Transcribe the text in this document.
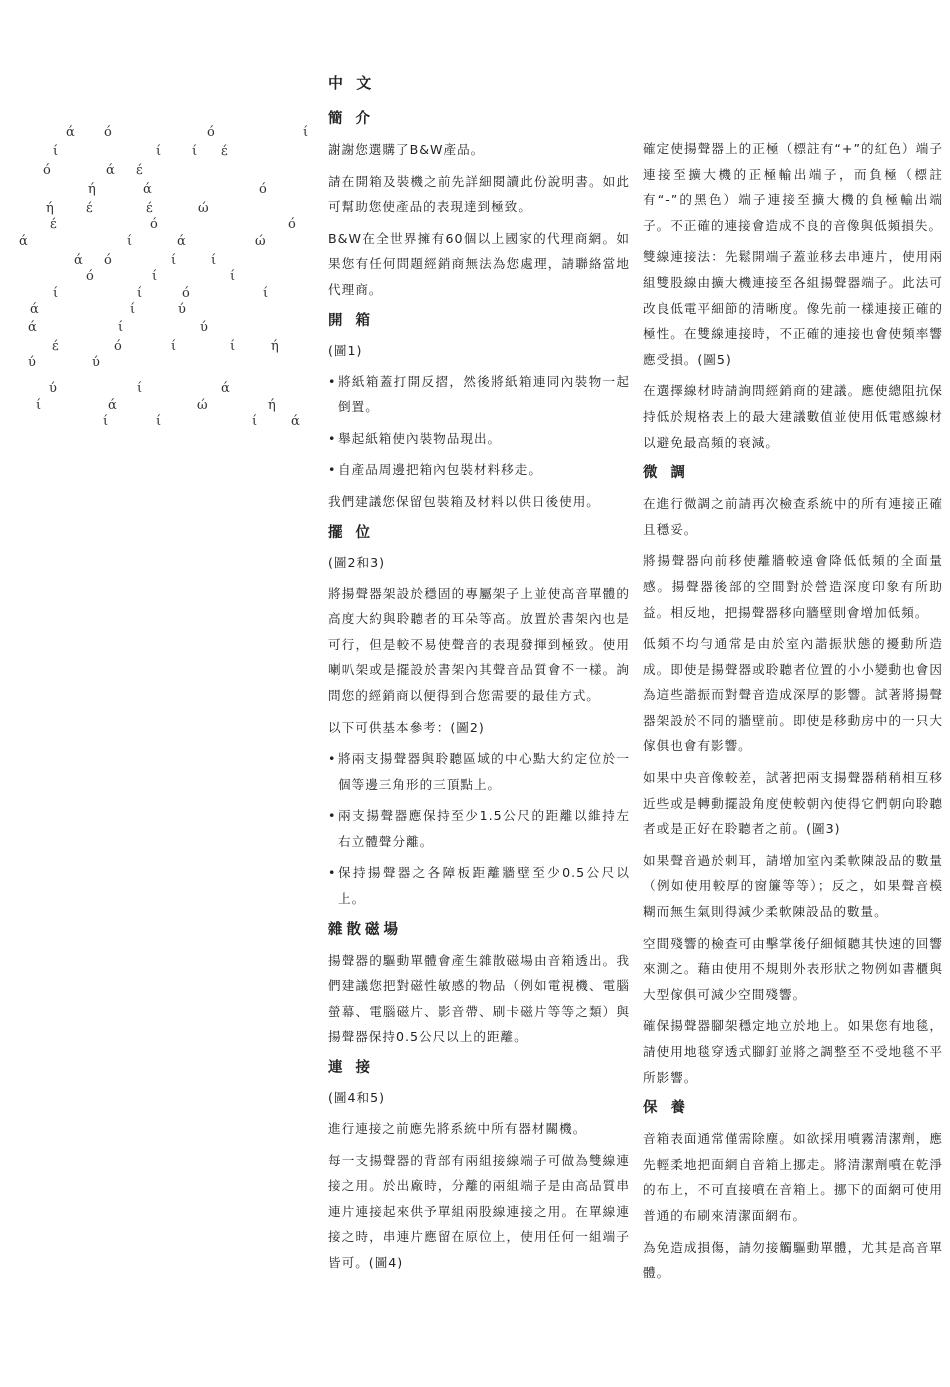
ά ό	ό	ί
ί	ί ί έ
ό	ά έ
ή	ά	ό
ή έ	έ	ώ
έ	ό	ό
ά	ί	ά	ώ
ά ό	ί	ί
ό	ί	ί
ί	ί	ό	ί
ά	ί	ύ
ά	ί	ύ
έ	ό	ί	ί	ή
ύ	ύ
ύ	ί	ά
ί	ά	ώ	ή
ί	ί	ί	ά
中 文
簡 介

謝謝您選購了B&W產品。

請在開箱及裝機之前先詳細閱讀此份說明書。如此可幫助您使產品的表現達到極致。

B&W在全世界擁有60個以上國家的代理商網。如果您有任何問題經銷商無法為您處理，請聯絡當地代理商。

開 箱
(圖1)
• 將紙箱蓋打開反摺，然後將紙箱連同內裝物一起倒置。
• 舉起紙箱使內裝物品現出。
• 自產品周邊把箱內包裝材料移走。

我們建議您保留包裝箱及材料以供日後使用。

擺 位
(圖2和3)

將揚聲器架設於穩固的專屬架子上並使高音單體的高度大約與聆聽者的耳朵等高。放置於書架內也是可行，但是較不易使聲音的表現發揮到極致。使用喇叭架或是擺設於書架內其聲音品質會不一樣。詢問您的經銷商以便得到合您需要的最佳方式。

以下可供基本參考：(圖2)

• 將兩支揚聲器與聆聽區域的中心點大約定位於一個等邊三角形的三頂點上。
• 兩支揚聲器應保持至少1.5公尺的距離以維持左右立體聲分離。
• 保持揚聲器之各障板距離牆壁至少0.5公尺以上。
雜散磁場

揚聲器的驅動單體會產生雜散磁場由音箱透出。我們建議您把對磁性敏感的物品（例如電視機、電腦螢幕、電腦磁片、影音帶、刷卡磁片等等之類）與揚聲器保持0.5公尺以上的距離。

連 接
(圖4和5)

進行連接之前應先將系統中所有器材關機。

每一支揚聲器的背部有兩組接線端子可做為雙線連接之用。於出廠時，分離的兩組端子是由高品質串連片連接起來供予單組兩股線連接之用。在單線連接之時，串連片應留在原位上，使用任何一組端子皆可。(圖4)

確定使揚聲器上的正極（標註有“+”的紅色）端子連接至擴大機的正極輸出端子，而負極（標註有“-”的黑色）端子連接至擴大機的負極輸出端子。不正確的連接會造成不良的音像與低頻損失。

雙線連接法：先鬆開端子蓋並移去串連片，使用兩組雙股線由擴大機連接至各組揚聲器端子。此法可改良低電平細節的清晰度。像先前一樣連接正確的極性。在雙線連接時，不正確的連接也會使頻率響應受損。(圖5)

在選擇線材時請詢問經銷商的建議。應使總阻抗保持低於規格表上的最大建議數值並使用低電感線材以避免最高頻的衰減。

微 調

在進行微調之前請再次檢查系統中的所有連接正確且穩妥。

將揚聲器向前移使離牆較遠會降低低頻的全面量感。揚聲器後部的空間對於營造深度印象有所助益。相反地，把揚聲器移向牆壁則會增加低頻。

低頻不均勻通常是由於室內諧振狀態的擾動所造成。即使是揚聲器或聆聽者位置的小小變動也會因為這些諧振而對聲音造成深厚的影響。試著將揚聲器架設於不同的牆壁前。即使是移動房中的一只大傢俱也會有影響。

如果中央音像較差，試著把兩支揚聲器稍稍相互移近些或是轉動擺設角度使較朝內使得它們朝向聆聽者或是正好在聆聽者之前。(圖3)

如果聲音過於刺耳，請增加室內柔軟陳設品的數量（例如使用較厚的窗簾等等）；反之，如果聲音模糊而無生氣則得減少柔軟陳設品的數量。

空間殘響的檢查可由擊掌後仔細傾聽其快速的回響來測之。藉由使用不規則外表形狀之物例如書櫃與大型傢俱可減少空間殘響。

確保揚聲器腳架穩定地立於地上。如果您有地毯，請使用地毯穿透式腳釘並將之調整至不受地毯不平所影響。

保 養

音箱表面通常僅需除塵。如欲採用噴霧清潔劑，應先輕柔地把面網自音箱上挪走。將清潔劑噴在乾淨的布上，不可直接噴在音箱上。挪下的面網可使用普通的布刷來清潔面網布。

為免造成損傷，請勿接觸驅動單體，尤其是高音單體。
